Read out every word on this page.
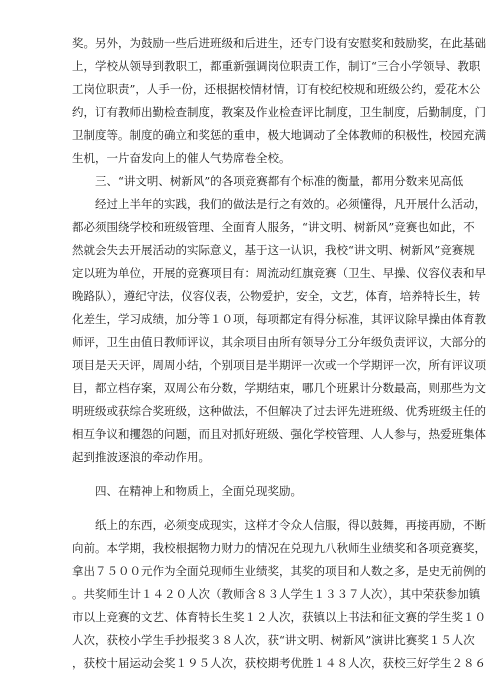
奖。另外，为鼓励一些后进班级和后进生，还专门设有安慰奖和鼓励奖，在此基础
上，学校从领导到教职工，都重新强调岗位职责工作，制订“三合小学领导、教职
工岗位职责”，人手一份，还根据校情材情，订有校纪校规和班级公约，爱花木公
约，订有教师出勤检查制度，教案及作业检查评比制度，卫生制度，后勤制度，门
卫制度等。制度的确立和奖惩的重申，极大地调动了全体教师的积极性，校园充满
生机，一片奋发向上的催人气势席卷全校。
三、“讲文明、树新风”的各项竞赛都有个标准的衡量，都用分数来见高低
经过上半年的实践，我们的做法是行之有效的。必须懂得，凡开展什么活动，
都必须围绕学校和班级管理、全面育人服务，“讲文明、树新风”竞赛也如此，不
然就会失去开展活动的实际意义，基于这一认识，我校“讲文明、树新风”竞赛规
定以班为单位，开展的竞赛项目有：周流动红旗竞赛（卫生、早操、仪容仪表和早
晚路队），遵纪守法，仪容仪表，公物爱护，安全，文艺，体育，培养特长生，转
化差生，学习成绩，加分等１０项，每项都定有得分标准，其评议除早操由体育教
师评，卫生由值日教师评议，其余项目由所有领导分工分年级负责评议，大部分的
项目是天天评，周周小结，个别项目是半期评一次或一个学期评一次，所有评议项
目，都立档存案，双周公布分数，学期结束，哪几个班累计分数最高，则那些为文
明班级或获综合奖班级，这种做法，不但解决了过去评先进班级、优秀班级主任的
相互争议和攫怨的问题，而且对抓好班级、强化学校管理、人人参与，热爱班集体
起到推波逐浪的牵动作用。
四、在精神上和物质上，全面兑现奖励。
纸上的东西，必须变成现实，这样才令众人信服，得以鼓舞，再接再励，不断
向前。本学期，我校根据物力财力的情况在兑现九八秋师生业绩奖和各项竞赛奖，
拿出７５００元作为全面兑现师生业绩奖，其奖的项目和人数之多，是史无前例的
。共奖师生计１４２０人次（教师含８３人学生１３３７人次），其中荣获参加镇
市以上竞赛的文艺、体育特长生奖１２人次，获镇以上书法和征文赛的学生奖１０
人次，获校小学生手抄报奖３８人次，获“讲文明、树新风”演讲比赛奖１５人次
，获校十届运动会奖１９５人次，获校期考优胜１４８人次，获校三好学生２８６
